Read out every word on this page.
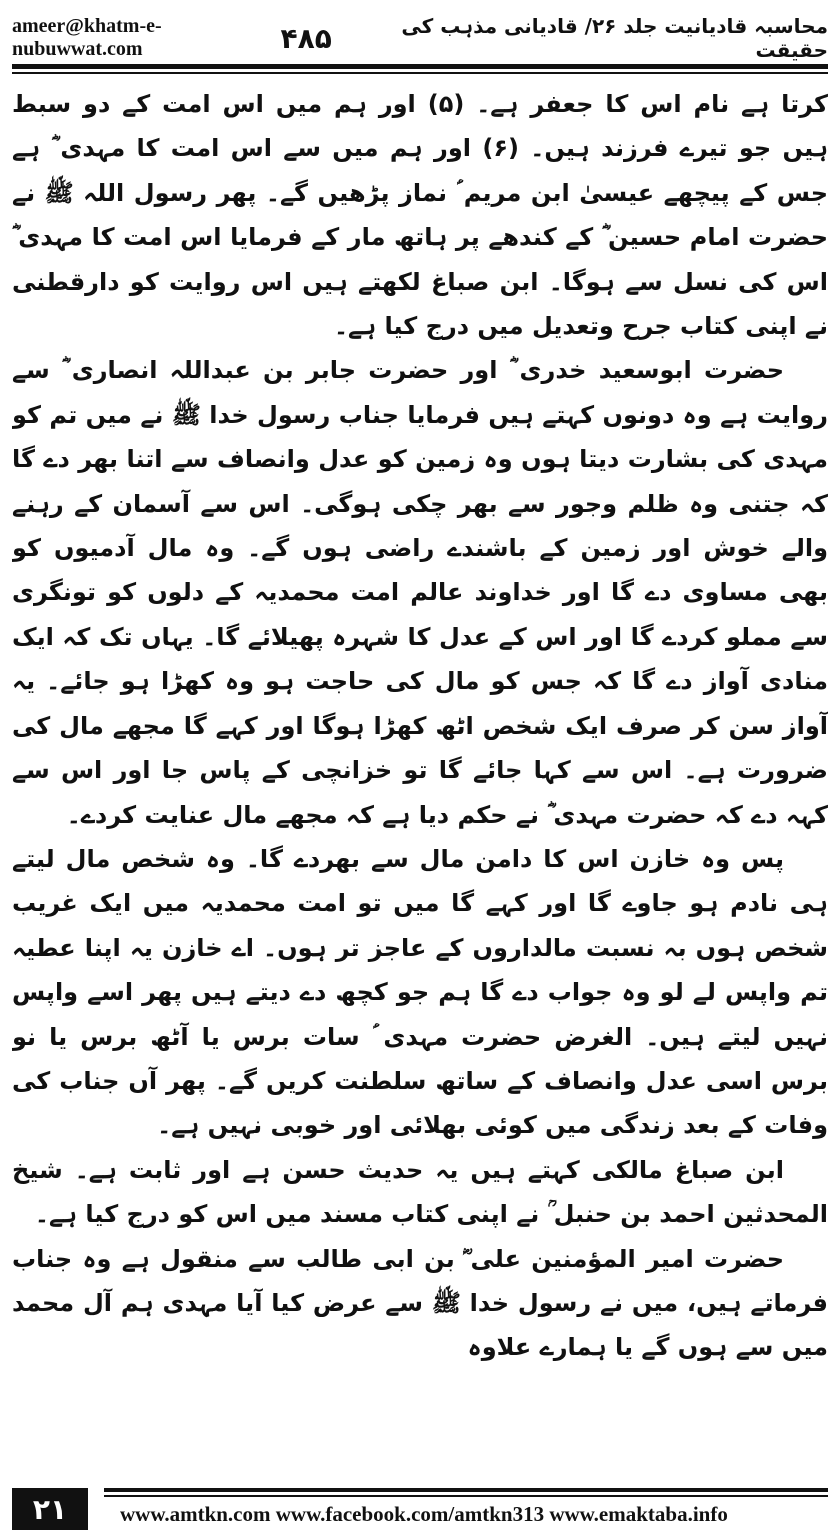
ameer@khatm-e-nubuwwat.com
محاسبہ قادیانیت جلد ۲۶/ قادیانی مذہب کی حقیقت
۴۸۵

کرتا ہے نام اس کا جعفر ہے۔ (۵) اور ہم میں اس امت کے دو سبط ہیں جو تیرے فرزند ہیں۔ (۶) اور ہم میں سے اس امت کا مہدی ؓ ہے جس کے پیچھے عیسیٰ ابن مریم ؑ نماز پڑھیں گے۔ پھر رسول اللہ ﷺ نے حضرت امام حسین ؓ کے کندھے پر ہاتھ مار کے فرمایا اس امت کا مہدی ؓ اس کی نسل سے ہوگا۔ ابن صباغ لکھتے ہیں اس روایت کو دارقطنی نے اپنی کتاب جرح وتعدیل میں درج کیا ہے۔

حضرت ابوسعید خدری ؓ اور حضرت جابر بن عبداللہ انصاری ؓ سے روایت ہے وہ دونوں کہتے ہیں فرمایا جناب رسول خدا ﷺ نے میں تم کو مہدی کی بشارت دیتا ہوں وہ زمین کو عدل وانصاف سے اتنا بھر دے گا کہ جتنی وہ ظلم وجور سے بھر چکی ہوگی۔ اس سے آسمان کے رہنے والے خوش اور زمین کے باشندے راضی ہوں گے۔ وہ مال آدمیوں کو بھی مساوی دے گا اور خداوند عالم امت محمدیہ کے دلوں کو تونگری سے مملو کردے گا اور اس کے عدل کا شہرہ پھیلائے گا۔ یہاں تک کہ ایک منادی آواز دے گا کہ جس کو مال کی حاجت ہو وہ کھڑا ہو جائے۔ یہ آواز سن کر صرف ایک شخص اٹھ کھڑا ہوگا اور کہے گا مجھے مال کی ضرورت ہے۔ اس سے کہا جائے گا تو خزانچی کے پاس جا اور اس سے کہہ دے کہ حضرت مہدی ؓ نے حکم دیا ہے کہ مجھے مال عنایت کردے۔

پس وہ خازن اس کا دامن مال سے بھردے گا۔ وہ شخص مال لیتے ہی نادم ہو جاوے گا اور کہے گا میں تو امت محمدیہ میں ایک غریب شخص ہوں بہ نسبت مالداروں کے عاجز تر ہوں۔ اے خازن یہ اپنا عطیہ تم واپس لے لو وہ جواب دے گا ہم جو کچھ دے دیتے ہیں پھر اسے واپس نہیں لیتے ہیں۔ الغرض حضرت مہدی ؑ سات برس یا آٹھ برس یا نو برس اسی عدل وانصاف کے ساتھ سلطنت کریں گے۔ پھر آں جناب کی وفات کے بعد زندگی میں کوئی بھلائی اور خوبی نہیں ہے۔

ابن صباغ مالکی کہتے ہیں یہ حدیث حسن ہے اور ثابت ہے۔ شیخ المحدثین احمد بن حنبل ؒ نے اپنی کتاب مسند میں اس کو درج کیا ہے۔

حضرت امیر المؤمنین علی ؓ بن ابی طالب سے منقول ہے وہ جناب فرماتے ہیں، میں نے رسول خدا ﷺ سے عرض کیا آیا مہدی ہم آل محمد میں سے ہوں گے یا ہمارے علاوہ

۲۱	www.amtkn.com www.facebook.com/amtkn313 www.emaktaba.info
